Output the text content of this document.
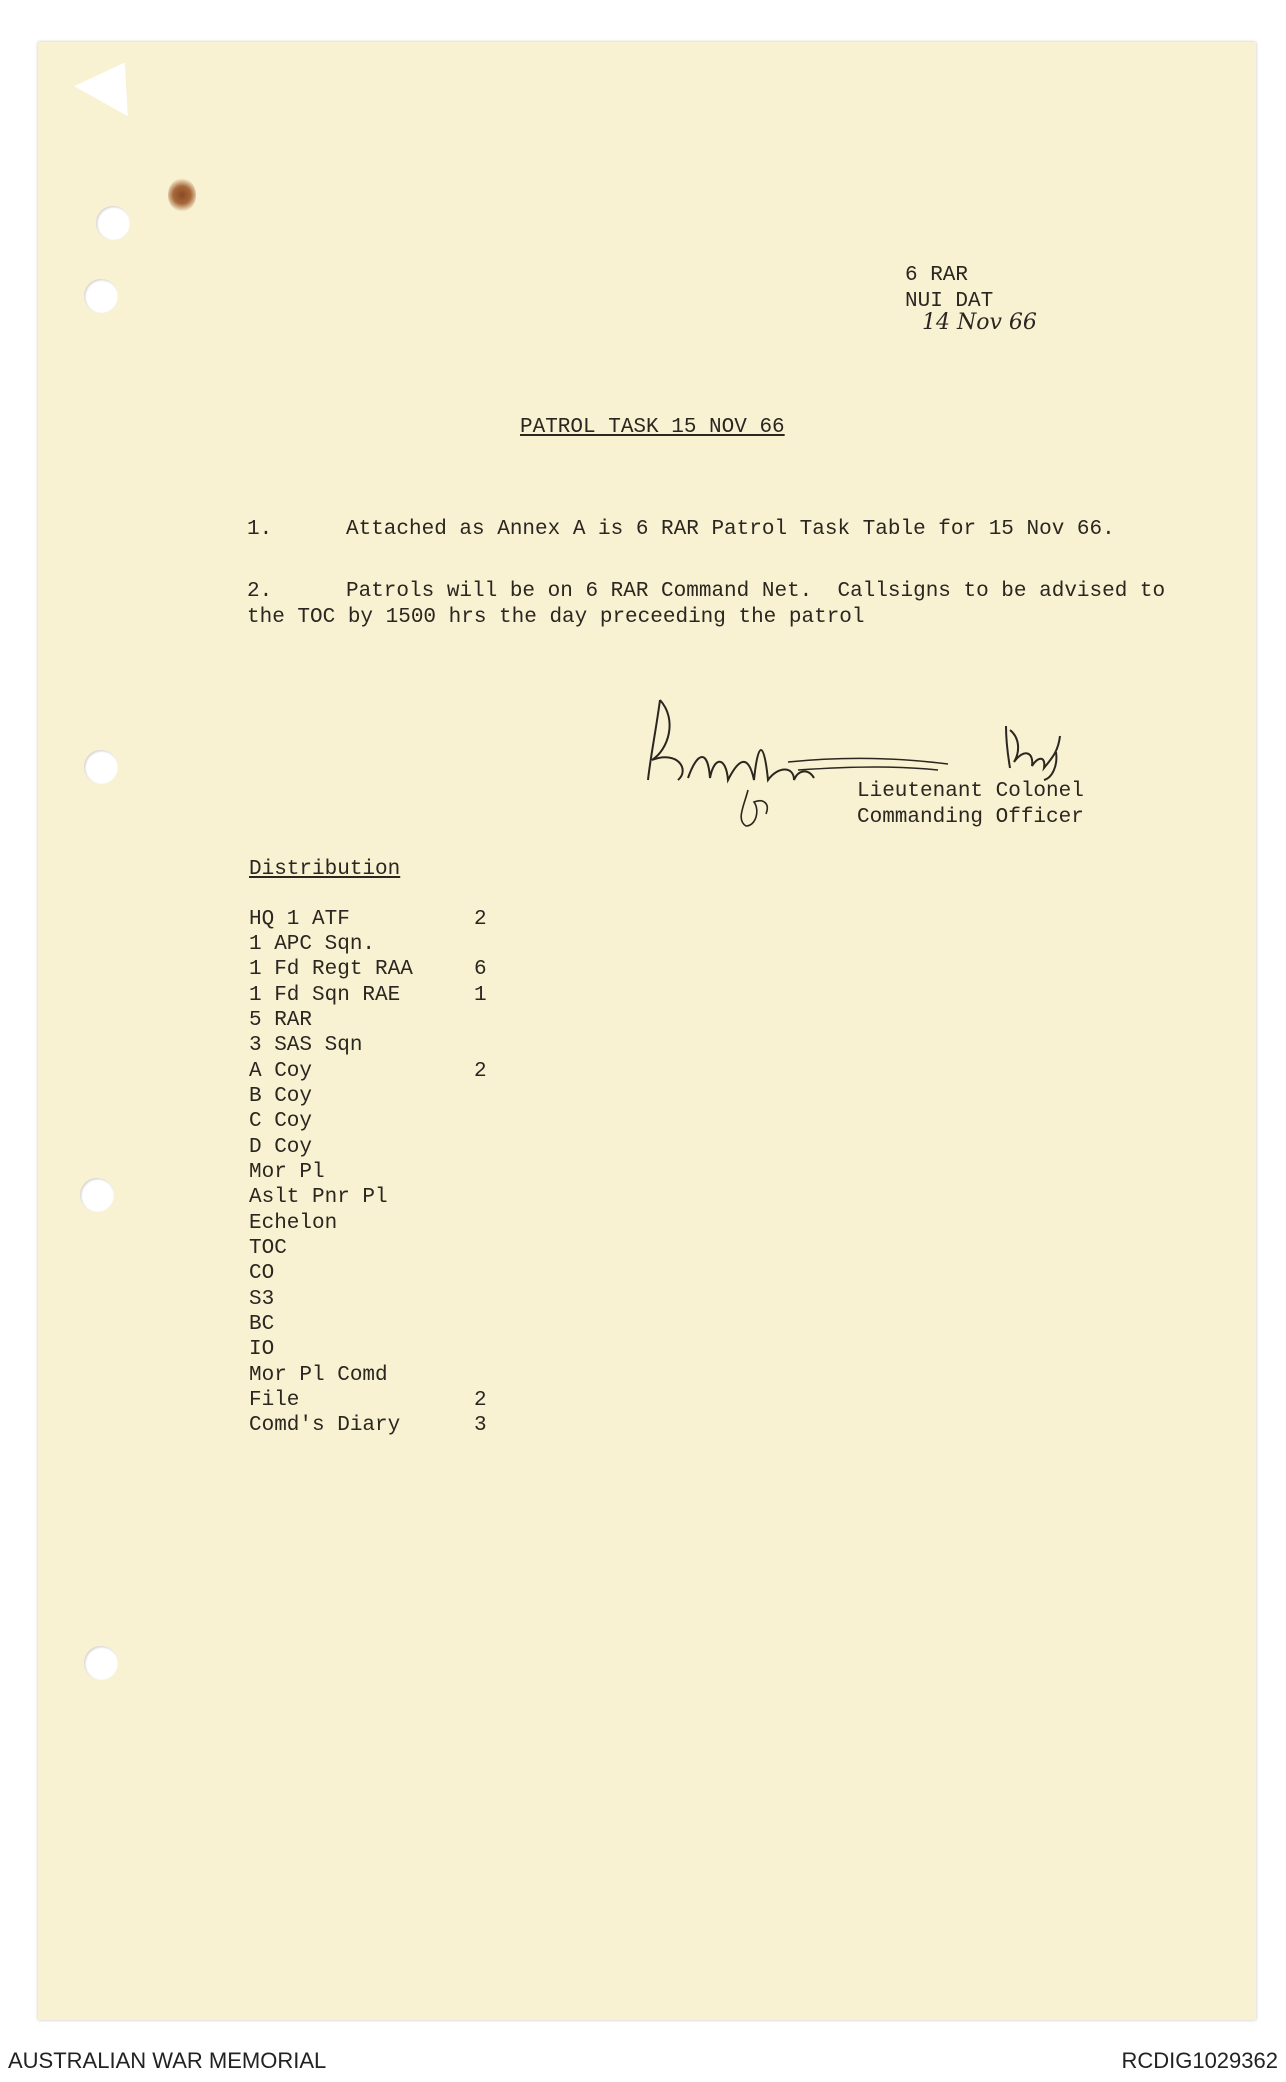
6 RAR
NUI DAT
14 Nov 66
PATROL TASK 15 NOV 66
1.	Attached as Annex A is 6 RAR Patrol Task Table for 15 Nov 66.
2.	Patrols will be on 6 RAR Command Net.  Callsigns to be advised to
the TOC by 1500 hrs the day preceeding the patrol
Lieutenant Colonel
Commanding Officer
Distribution
HQ 1 ATF	2
1 APC Sqn.
1 Fd Regt RAA	6
1 Fd Sqn RAE	1
5 RAR
3 SAS Sqn
A Coy	2
B Coy
C Coy
D Coy
Mor Pl
Aslt Pnr Pl
Echelon
TOC
CO
S3
BC
IO
Mor Pl Comd
File	2
Comd's Diary	3
AUSTRALIAN WAR MEMORIAL	RCDIG1029362
